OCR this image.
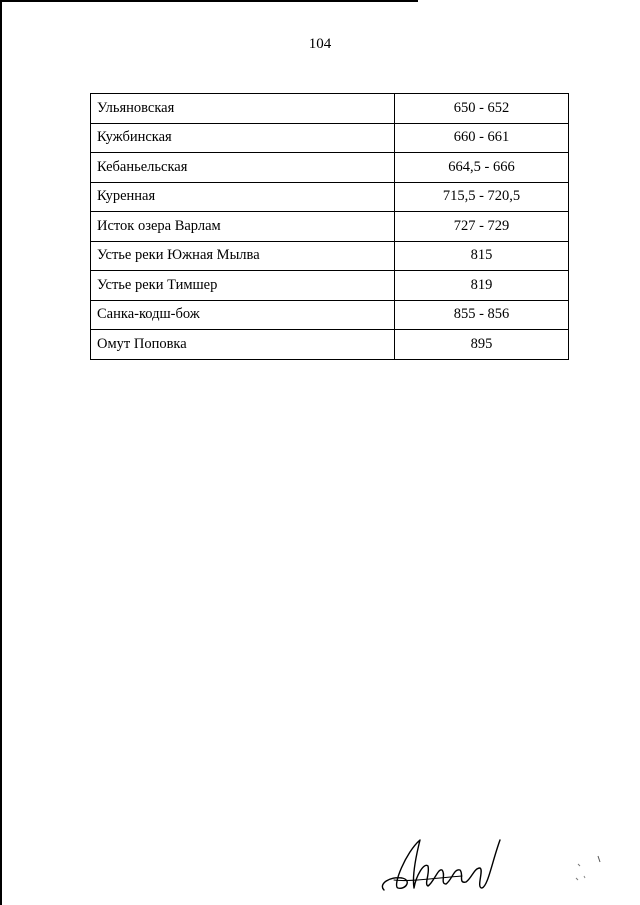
104
Ульяновская	650 - 652
Кужбинская	660 - 661
Кебаньельская	664,5 - 666
Куренная	715,5 - 720,5
Исток озера Варлам	727 - 729
Устье реки Южная Мылва	815
Устье реки Тимшер	819
Санка-кодш-бож	855 - 856
Омут Поповка	895
